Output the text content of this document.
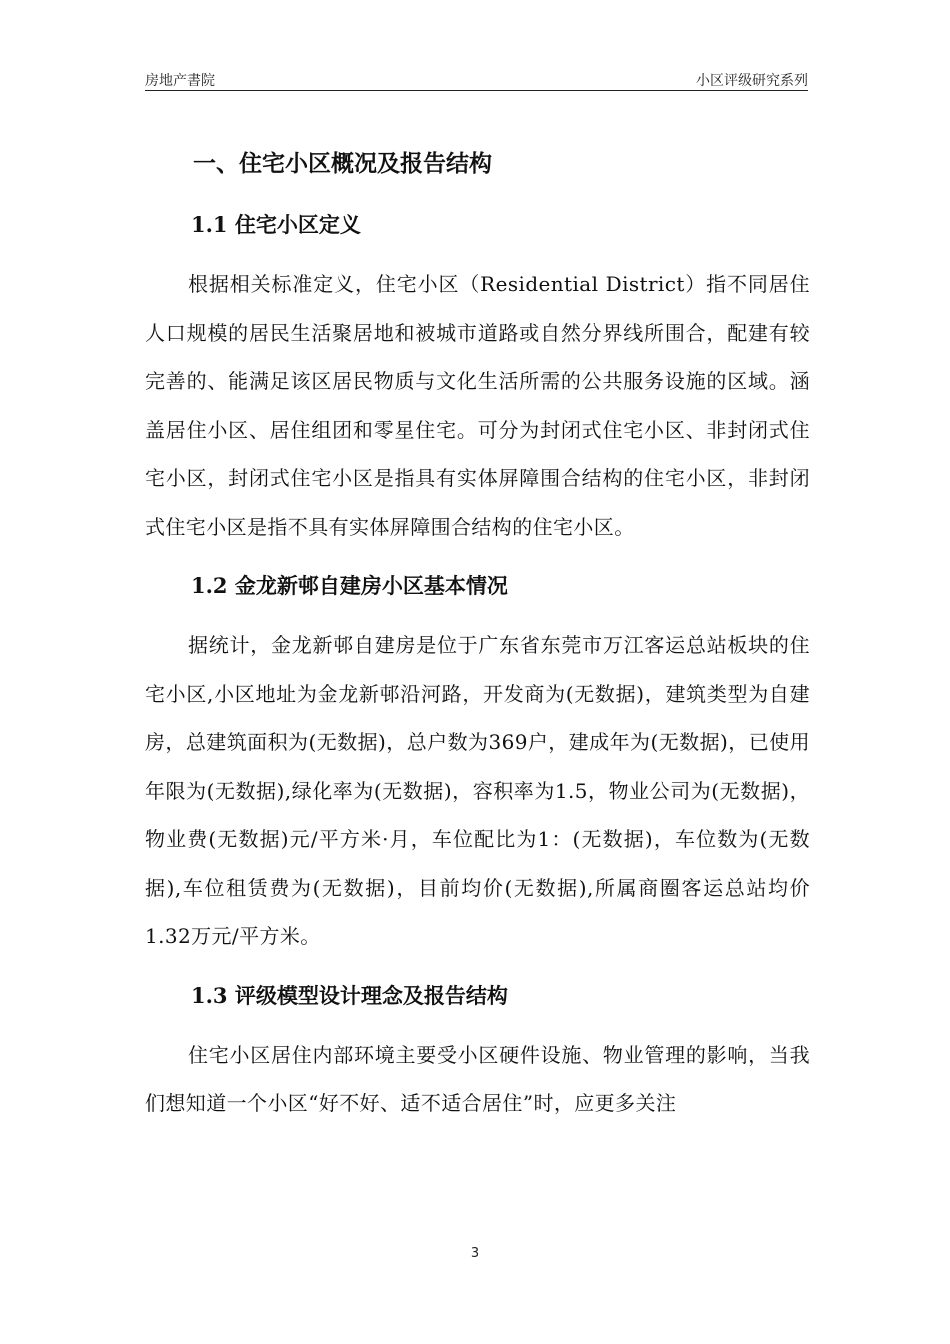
房地产書院	小区评级研究系列
一、住宅小区概况及报告结构
1.1 住宅小区定义

根据相关标准定义，住宅小区（Residential District）指不同居住人口规模的居民生活聚居地和被城市道路或自然分界线所围合，配建有较完善的、能满足该区居民物质与文化生活所需的公共服务设施的区域。涵盖居住小区、居住组团和零星住宅。可分为封闭式住宅小区、非封闭式住宅小区，封闭式住宅小区是指具有实体屏障围合结构的住宅小区，非封闭式住宅小区是指不具有实体屏障围合结构的住宅小区。

1.2 金龙新邨自建房小区基本情况

据统计，金龙新邨自建房是位于广东省东莞市万江客运总站板块的住宅小区,小区地址为金龙新邨沿河路，开发商为(无数据)，建筑类型为自建房，总建筑面积为(无数据)，总户数为369户，建成年为(无数据)，已使用年限为(无数据),绿化率为(无数据)，容积率为1.5，物业公司为(无数据)，物业费(无数据)元/平方米·月，车位配比为1：(无数据)，车位数为(无数据),车位租赁费为(无数据)，目前均价(无数据),所属商圈客运总站均价1.32万元/平方米。

1.3 评级模型设计理念及报告结构

住宅小区居住内部环境主要受小区硬件设施、物业管理的影响，当我们想知道一个小区“好不好、适不适合居住”时，应更多关注

3
